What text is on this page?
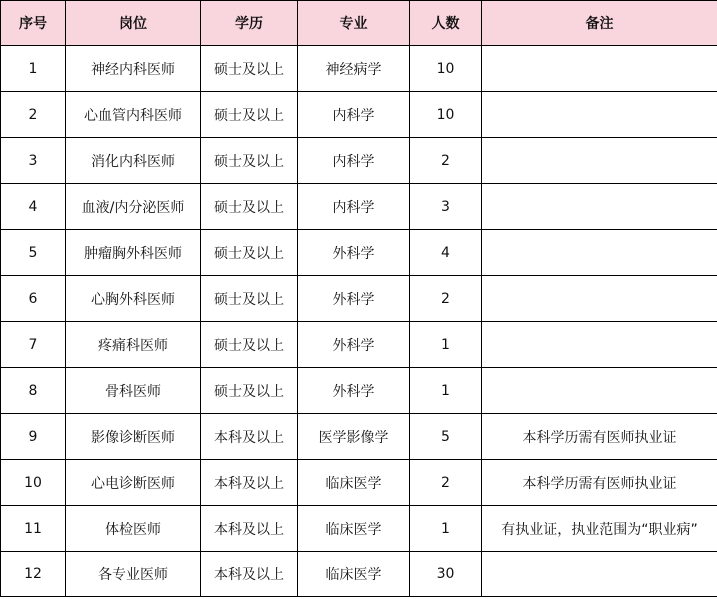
序号	岗位	学历	专业	人数	备注
1	神经内科医师	硕士及以上	神经病学	10	
2	心血管内科医师	硕士及以上	内科学	10	
3	消化内科医师	硕士及以上	内科学	2	
4	血液/内分泌医师	硕士及以上	内科学	3	
5	肿瘤胸外科医师	硕士及以上	外科学	4	
6	心胸外科医师	硕士及以上	外科学	2	
7	疼痛科医师	硕士及以上	外科学	1	
8	骨科医师	硕士及以上	外科学	1	
9	影像诊断医师	本科及以上	医学影像学	5	本科学历需有医师执业证
10	心电诊断医师	本科及以上	临床医学	2	本科学历需有医师执业证
11	体检医师	本科及以上	临床医学	1	有执业证，执业范围为“职业病”
12	各专业医师	本科及以上	临床医学	30	
